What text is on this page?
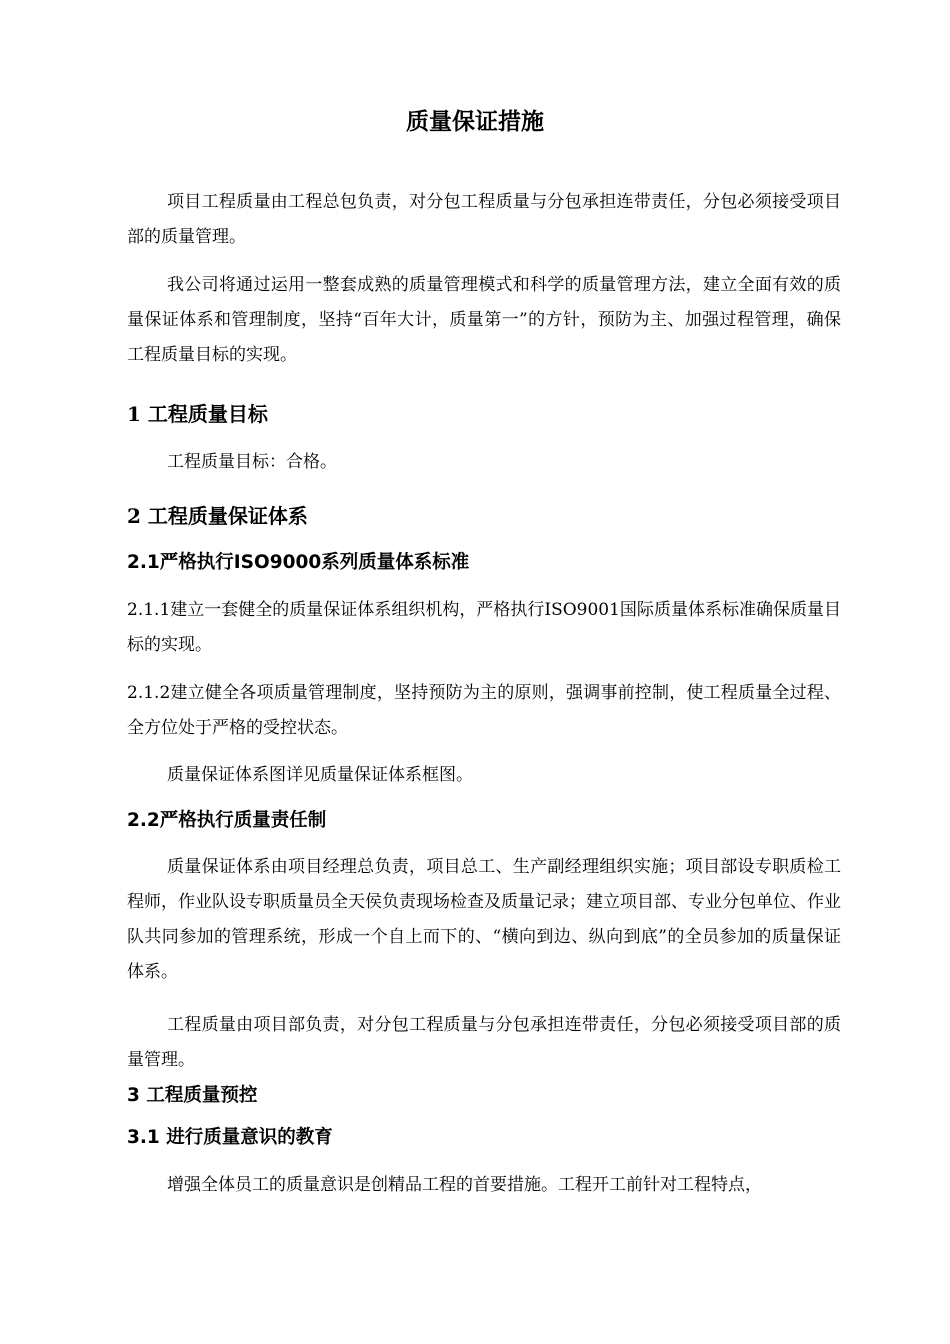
质量保证措施

项目工程质量由工程总包负责，对分包工程质量与分包承担连带责任，分包必须接受项目部的质量管理。

我公司将通过运用一整套成熟的质量管理模式和科学的质量管理方法，建立全面有效的质量保证体系和管理制度，坚持“百年大计，质量第一”的方针，预防为主、加强过程管理，确保工程质量目标的实现。

1 工程质量目标

工程质量目标：合格。

2 工程质量保证体系
2.1严格执行ISO9000系列质量体系标准

2.1.1建立一套健全的质量保证体系组织机构，严格执行ISO9001国际质量体系标准确保质量目标的实现。

2.1.2建立健全各项质量管理制度，坚持预防为主的原则，强调事前控制，使工程质量全过程、全方位处于严格的受控状态。

质量保证体系图详见质量保证体系框图。

2.2严格执行质量责任制

质量保证体系由项目经理总负责，项目总工、生产副经理组织实施；项目部设专职质检工程师，作业队设专职质量员全天侯负责现场检查及质量记录；建立项目部、专业分包单位、作业队共同参加的管理系统，形成一个自上而下的、“横向到边、纵向到底”的全员参加的质量保证体系。

工程质量由项目部负责，对分包工程质量与分包承担连带责任，分包必须接受项目部的质量管理。

3 工程质量预控
3.1 进行质量意识的教育

增强全体员工的质量意识是创精品工程的首要措施。工程开工前针对工程特点，
